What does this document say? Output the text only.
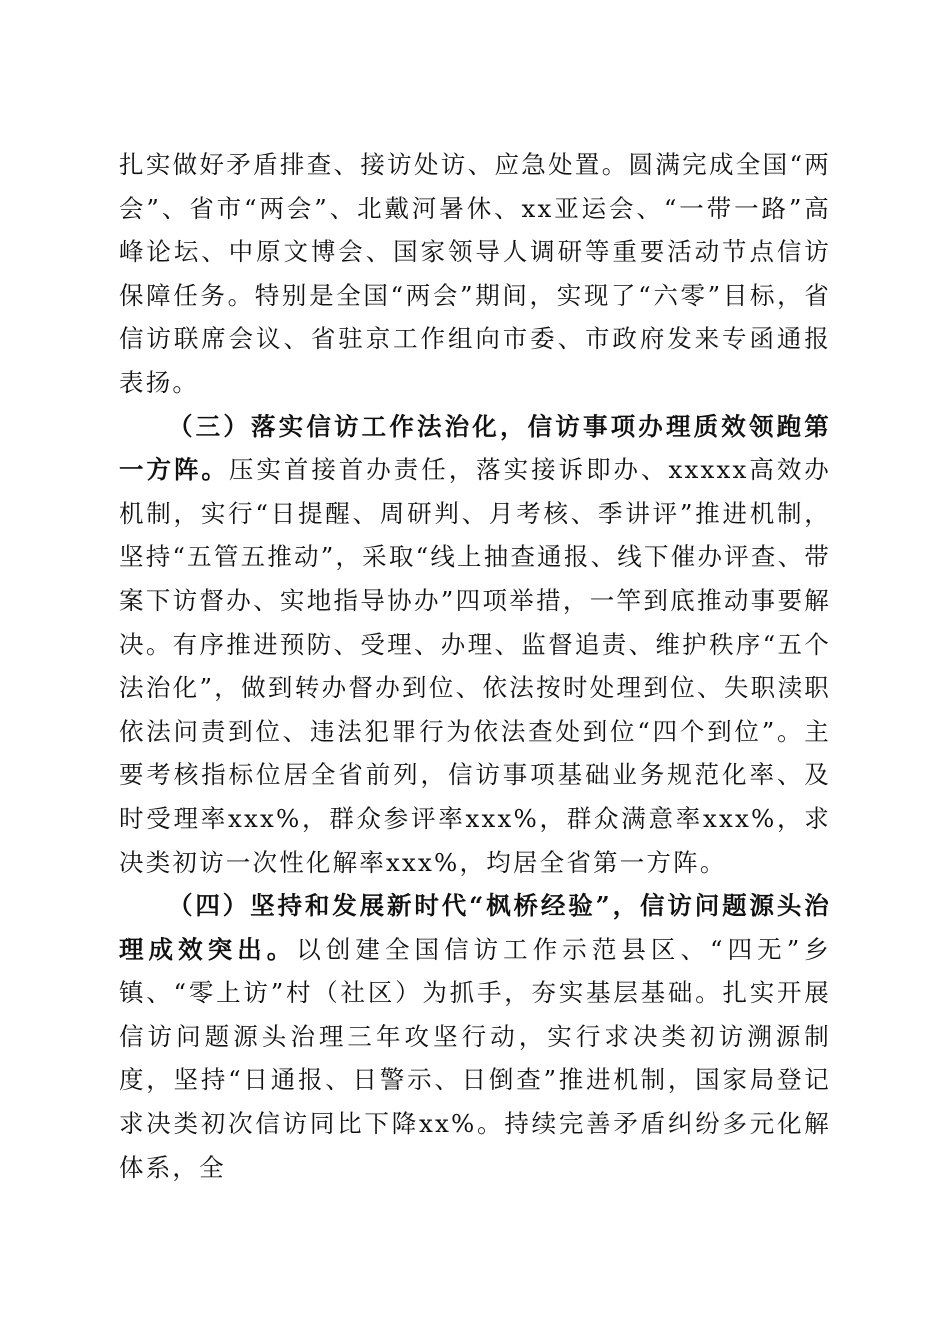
扎实做好矛盾排查、接访处访、应急处置。圆满完成全国“两会”、省市“两会”、北戴河暑休、xx亚运会、“一带一路”高峰论坛、中原文博会、国家领导人调研等重要活动节点信访保障任务。特别是全国“两会”期间，实现了“六零”目标，省信访联席会议、省驻京工作组向市委、市政府发来专函通报表扬。

（三）落实信访工作法治化，信访事项办理质效领跑第一方阵。压实首接首办责任，落实接诉即办、xxxxx高效办机制，实行“日提醒、周研判、月考核、季讲评”推进机制，坚持“五管五推动”，采取“线上抽查通报、线下催办评查、带案下访督办、实地指导协办”四项举措，一竿到底推动事要解决。有序推进预防、受理、办理、监督追责、维护秩序“五个法治化”，做到转办督办到位、依法按时处理到位、失职渎职依法问责到位、违法犯罪行为依法查处到位“四个到位”。主要考核指标位居全省前列，信访事项基础业务规范化率、及时受理率xxx%，群众参评率xxx%，群众满意率xxx%，求决类初访一次性化解率xxx%，均居全省第一方阵。

（四）坚持和发展新时代“枫桥经验”，信访问题源头治理成效突出。以创建全国信访工作示范县区、“四无”乡镇、“零上访”村（社区）为抓手，夯实基层基础。扎实开展信访问题源头治理三年攻坚行动，实行求决类初访溯源制度，坚持“日通报、日警示、日倒查”推进机制，国家局登记求决类初次信访同比下降xx%。持续完善矛盾纠纷多元化解体系，全
